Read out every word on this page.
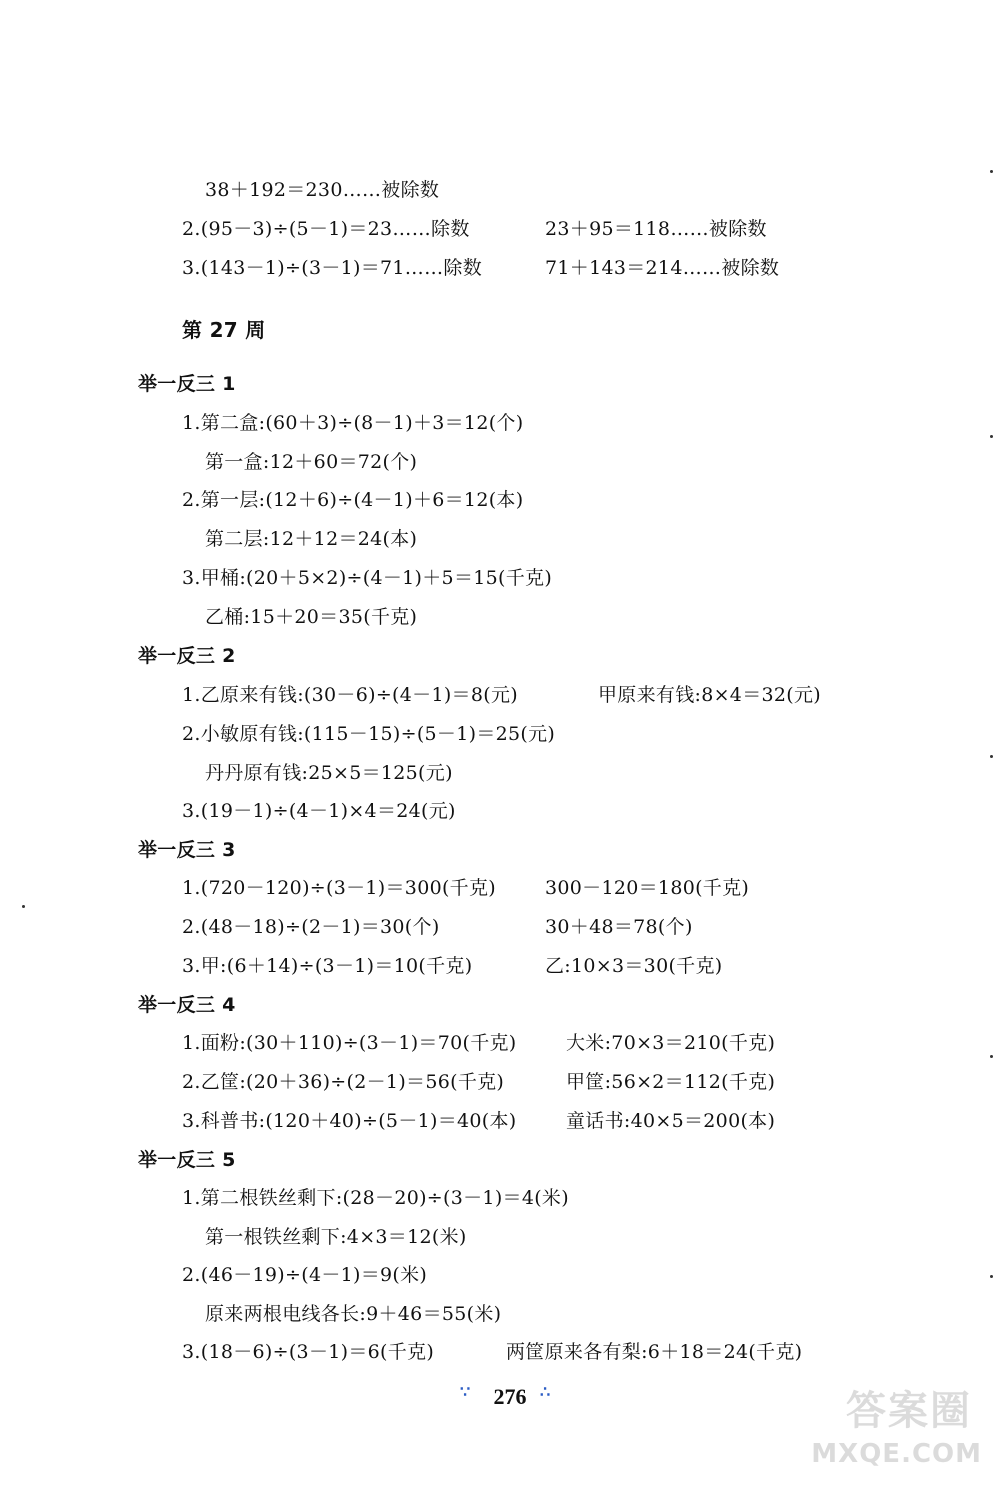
38＋192＝230……被除数
2.(95－3)÷(5－1)＝23……除数	23＋95＝118……被除数
3.(143－1)÷(3－1)＝71……除数	71＋143＝214……被除数
第 27 周
举一反三 1
1.第二盒:(60＋3)÷(8－1)＋3＝12(个)
第一盒:12＋60＝72(个)
2.第一层:(12＋6)÷(4－1)＋6＝12(本)
第二层:12＋12＝24(本)
3.甲桶:(20＋5×2)÷(4－1)＋5＝15(千克)
乙桶:15＋20＝35(千克)
举一反三 2
1.乙原来有钱:(30－6)÷(4－1)＝8(元)	甲原来有钱:8×4＝32(元)
2.小敏原有钱:(115－15)÷(5－1)＝25(元)
丹丹原有钱:25×5＝125(元)
3.(19－1)÷(4－1)×4＝24(元)
举一反三 3
1.(720－120)÷(3－1)＝300(千克)	300－120＝180(千克)
2.(48－18)÷(2－1)＝30(个)	30＋48＝78(个)
3.甲:(6＋14)÷(3－1)＝10(千克)	乙:10×3＝30(千克)
举一反三 4
1.面粉:(30＋110)÷(3－1)＝70(千克)	大米:70×3＝210(千克)
2.乙筐:(20＋36)÷(2－1)＝56(千克)	甲筐:56×2＝112(千克)
3.科普书:(120＋40)÷(5－1)＝40(本)	童话书:40×5＝200(本)
举一反三 5
1.第二根铁丝剩下:(28－20)÷(3－1)＝4(米)
第一根铁丝剩下:4×3＝12(米)
2.(46－19)÷(4－1)＝9(米)
原来两根电线各长:9＋46＝55(米)
3.(18－6)÷(3－1)＝6(千克)	两筐原来各有梨:6＋18＝24(千克)
∵	276 ∴	答案圈
MXQE.COM
